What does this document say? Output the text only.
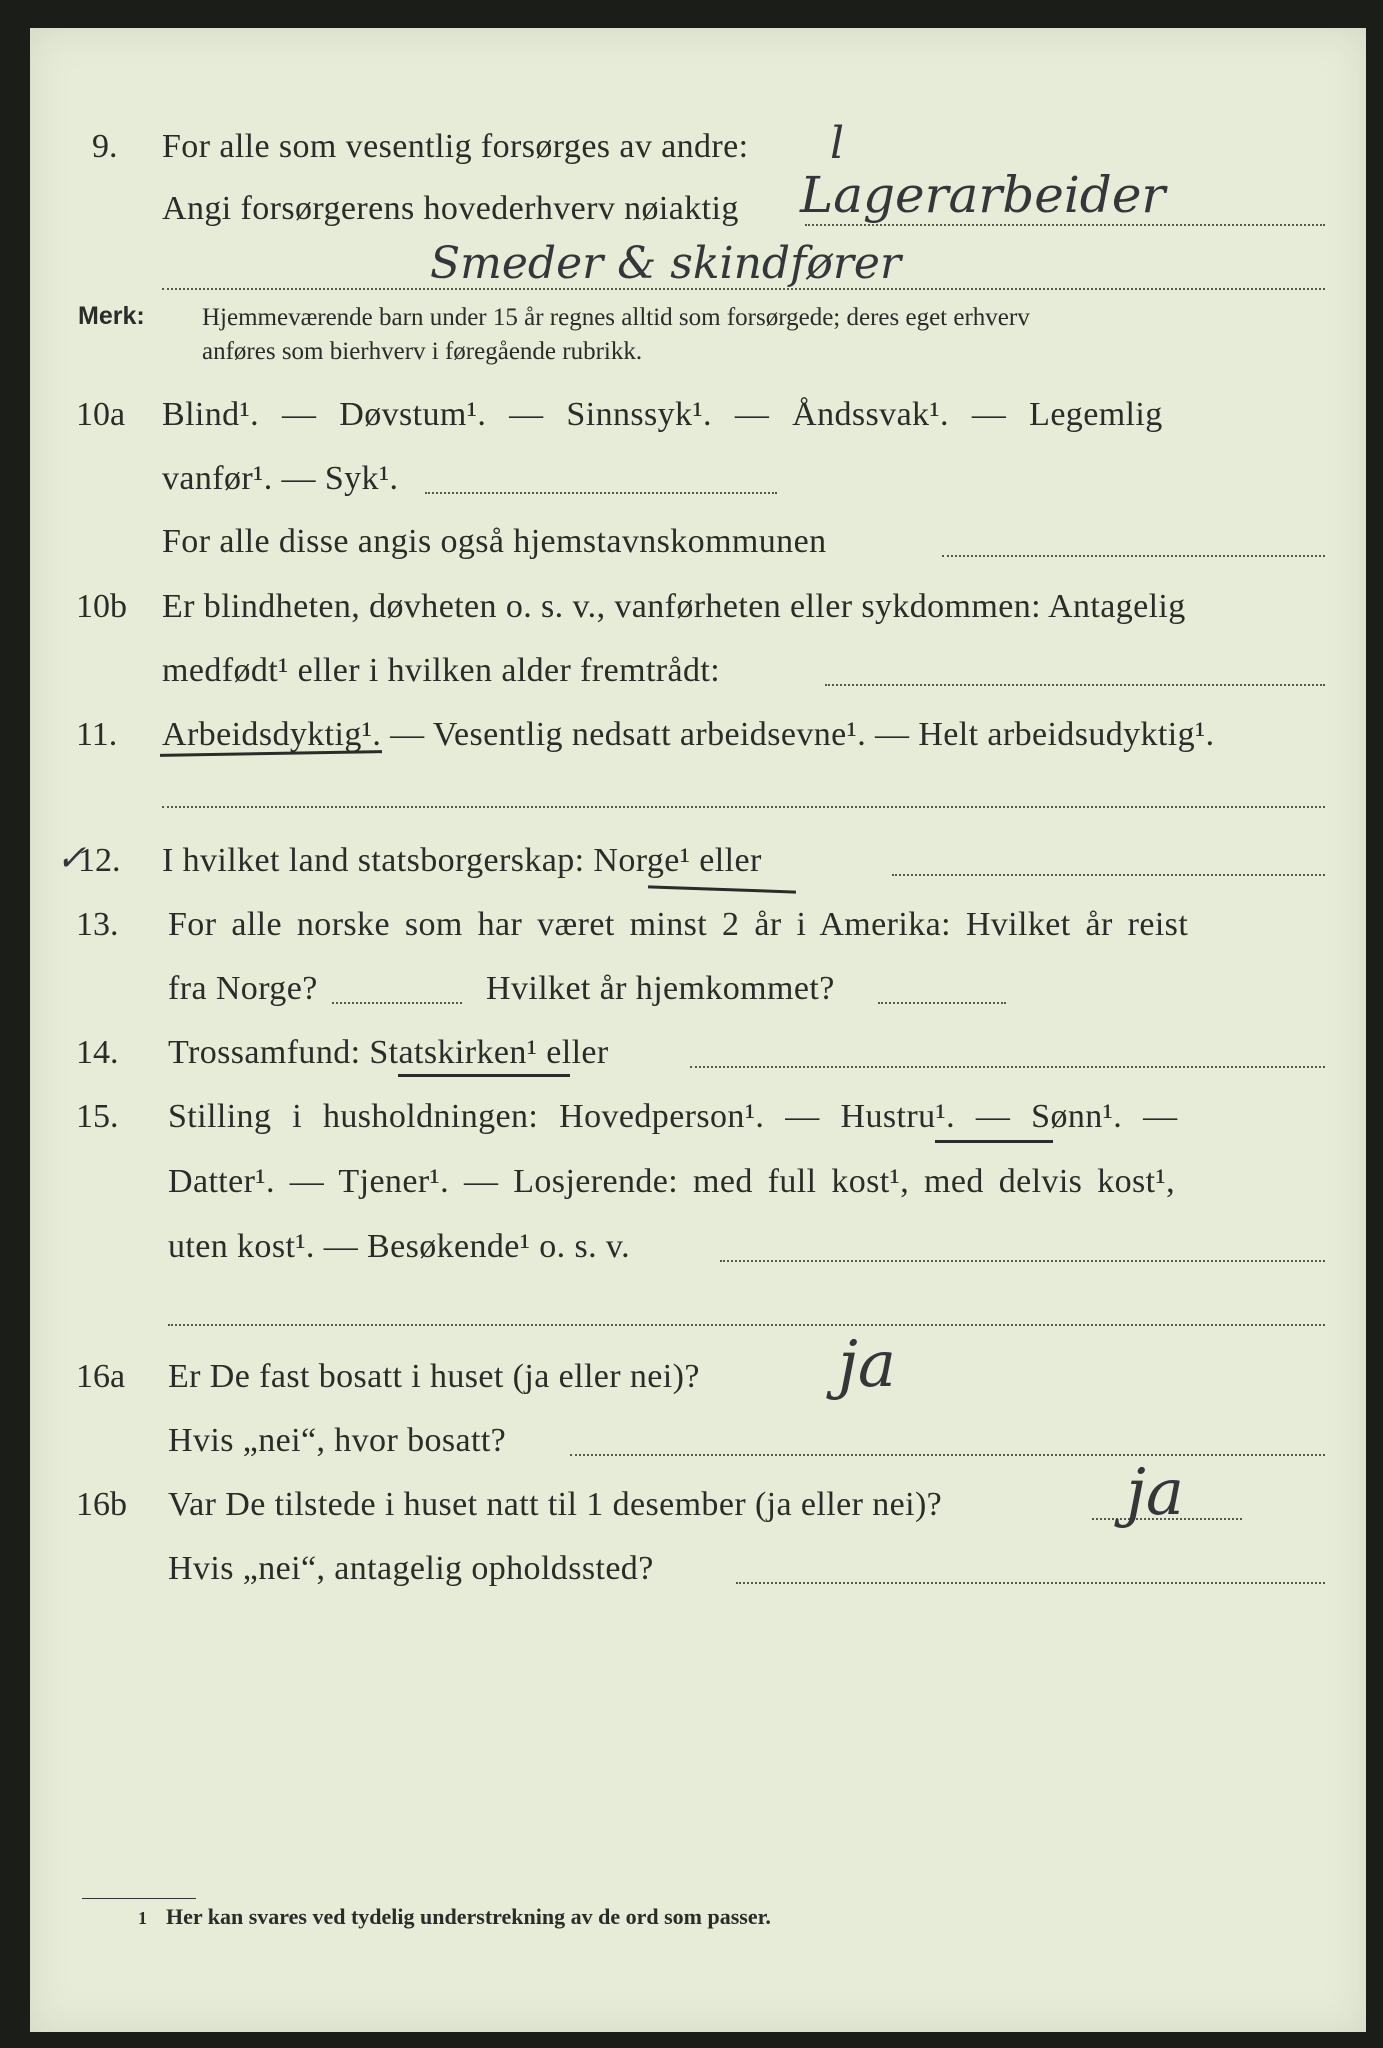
9. For alle som vesentlig forsørges av andre: l
Angi forsørgerens hovederhverv nøiaktig Lagerarbeider
Smeder & skindfører
Merk: Hjemmeværende barn under 15 år regnes alltid som forsørgede; deres eget erhverv
anføres som bierhverv i føregående rubrikk.
10a Blind¹. — Døvstum¹. — Sinnssyk¹. — Åndssvak¹. — Legemlig
vanfør¹. — Syk¹.
For alle disse angis også hjemstavnskommunen
10b Er blindheten, døvheten o. s. v., vanførheten eller sykdommen: Antagelig
medfødt¹ eller i hvilken alder fremtrådt:
11. Arbeidsdyktig¹. — Vesentlig nedsatt arbeidsevne¹. — Helt arbeidsudyktig¹.
✓
12. I hvilket land statsborgerskap: Norge¹ eller
13. For alle norske som har været minst 2 år i Amerika: Hvilket år reist
fra Norge?	Hvilket år hjemkommet?
14. Trossamfund: Statskirken¹ eller
15. Stilling i husholdningen: Hovedperson¹. — Hustru¹. — Sønn¹. —
Datter¹. — Tjener¹. — Losjerende: med full kost¹, med delvis kost¹,
uten kost¹. — Besøkende¹ o. s. v.
16a Er De fast bosatt i huset (ja eller nei)? ja
Hvis „nei“, hvor bosatt?
16b Var De tilstede i huset natt til 1 desember (ja eller nei)?	ja
Hvis „nei“, antagelig opholdssted?
1 Her kan svares ved tydelig understrekning av de ord som passer.
